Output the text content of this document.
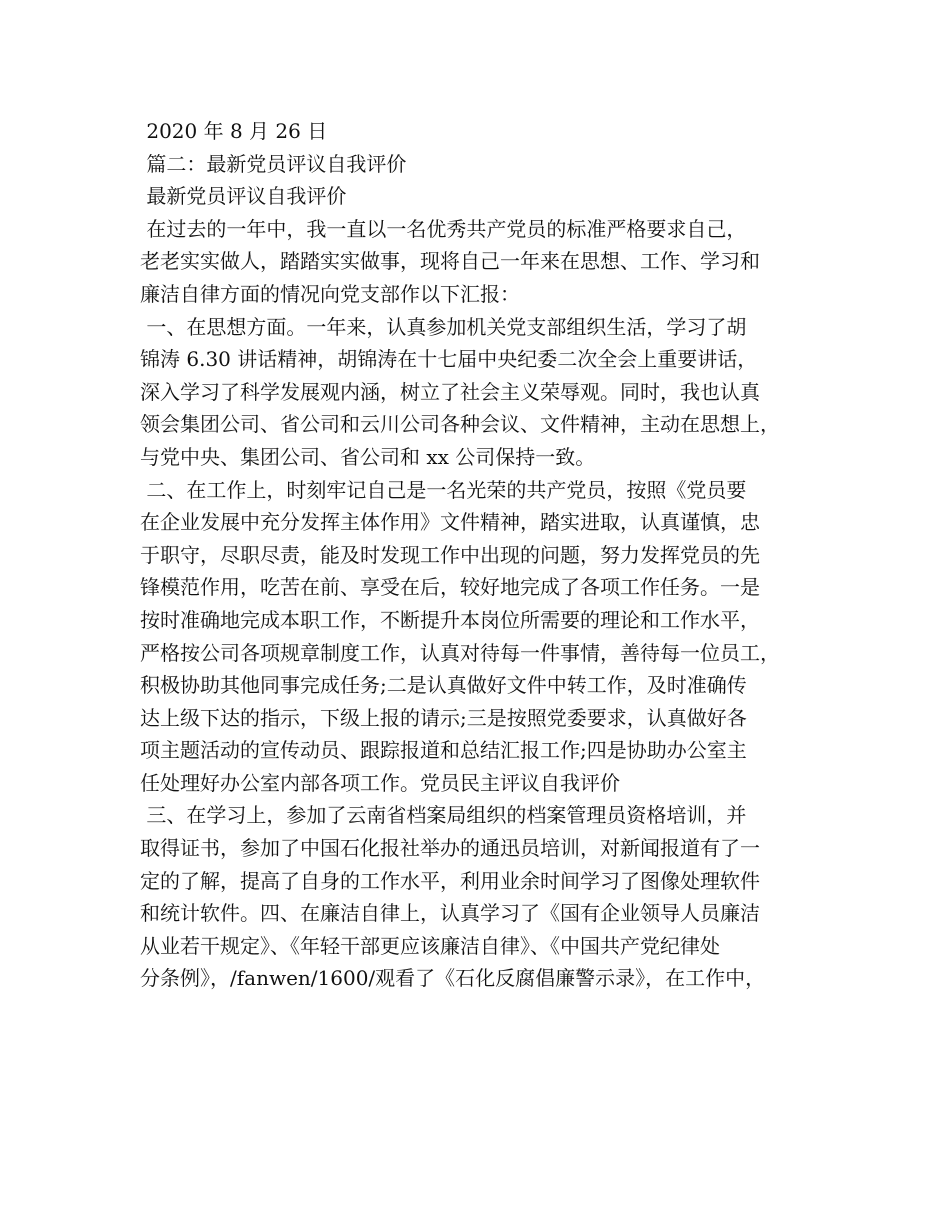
2020 年 8 月 26 日
篇二：最新党员评议自我评价
最新党员评议自我评价
在过去的一年中，我一直以一名优秀共产党员的标准严格要求自己，
老老实实做人，踏踏实实做事，现将自己一年来在思想、工作、学习和
廉洁自律方面的情况向党支部作以下汇报：
一、在思想方面。一年来，认真参加机关党支部组织生活，学习了胡
锦涛 6.30 讲话精神，胡锦涛在十七届中央纪委二次全会上重要讲话，
深入学习了科学发展观内涵，树立了社会主义荣辱观。同时，我也认真
领会集团公司、省公司和云川公司各种会议、文件精神，主动在思想上，
与党中央、集团公司、省公司和 xx 公司保持一致。
二、在工作上，时刻牢记自己是一名光荣的共产党员，按照《党员要
在企业发展中充分发挥主体作用》文件精神，踏实进取，认真谨慎，忠
于职守，尽职尽责，能及时发现工作中出现的问题，努力发挥党员的先
锋模范作用，吃苦在前、享受在后，较好地完成了各项工作任务。一是
按时准确地完成本职工作，不断提升本岗位所需要的理论和工作水平，
严格按公司各项规章制度工作，认真对待每一件事情，善待每一位员工，
积极协助其他同事完成任务;二是认真做好文件中转工作，及时准确传
达上级下达的指示，下级上报的请示;三是按照党委要求，认真做好各
项主题活动的宣传动员、跟踪报道和总结汇报工作;四是协助办公室主
任处理好办公室内部各项工作。党员民主评议自我评价
三、在学习上，参加了云南省档案局组织的档案管理员资格培训，并
取得证书，参加了中国石化报社举办的通迅员培训，对新闻报道有了一
定的了解，提高了自身的工作水平，利用业余时间学习了图像处理软件
和统计软件。四、在廉洁自律上，认真学习了《国有企业领导人员廉洁
从业若干规定》、《年轻干部更应该廉洁自律》、《中国共产党纪律处
分条例》，/fanwen/1600/观看了《石化反腐倡廉警示录》，在工作中，
